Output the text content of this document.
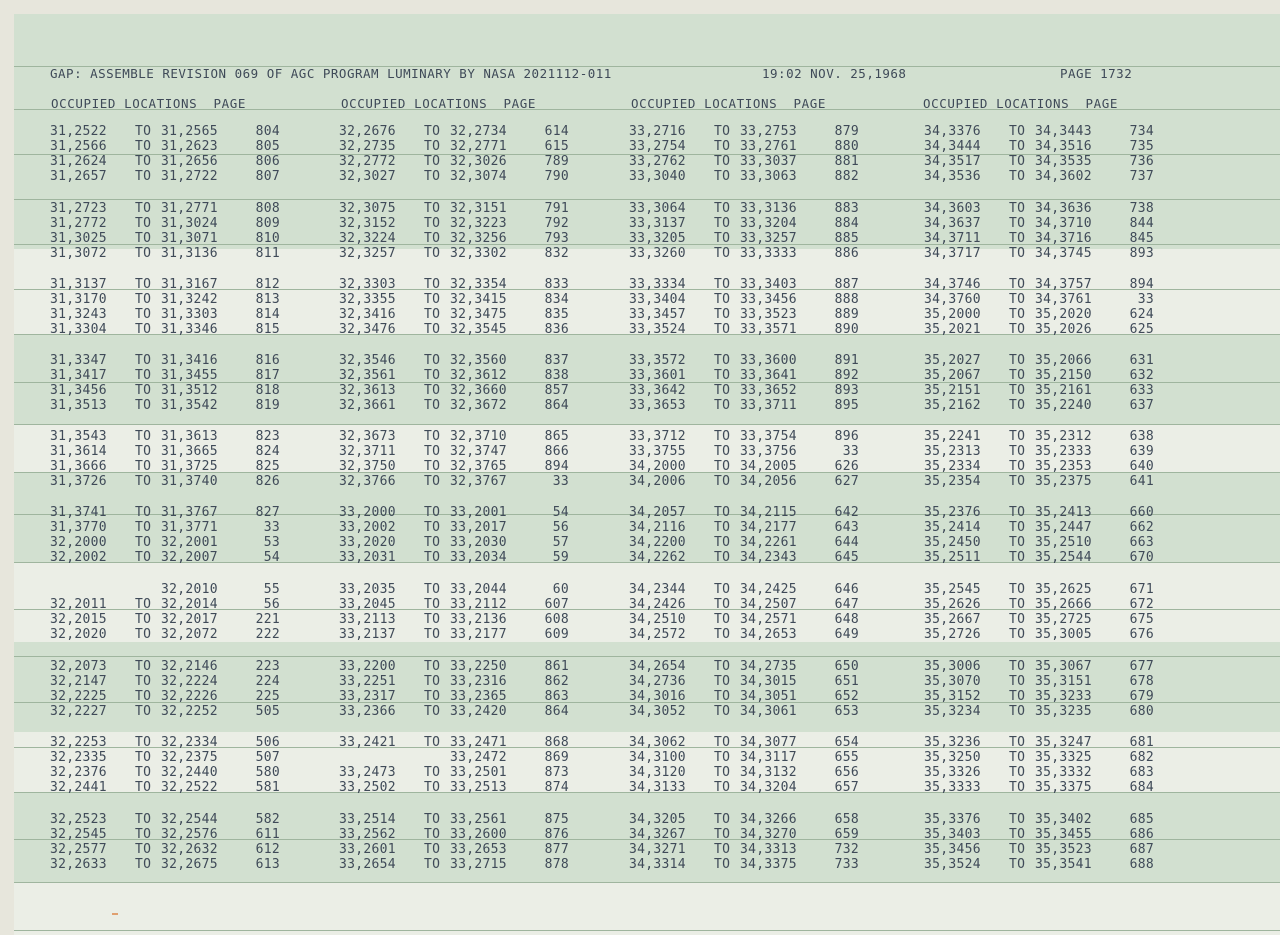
GAP: ASSEMBLE REVISION 069 OF AGC PROGRAM LUMINARY BY NASA 2021112-011

	19:02 NOV. 25,1968

	PAGE 1732

OCCUPIED LOCATIONS  PAGE	OCCUPIED LOCATIONS  PAGE	OCCUPIED LOCATIONS  PAGE	OCCUPIED LOCATIONS  PAGE
31,2522 TO 31,2565	804
31,2566 TO 31,2623	805
31,2624 TO 31,2656	806
31,2657 TO 31,2722	807
31,2723 TO 31,2771	808
31,2772 TO 31,3024	809
31,3025 TO 31,3071	810
31,3072 TO 31,3136	811
31,3137 TO 31,3167	812
31,3170 TO 31,3242	813
31,3243 TO 31,3303	814
31,3304 TO 31,3346	815
31,3347 TO 31,3416	816
31,3417 TO 31,3455	817
31,3456 TO 31,3512	818
31,3513 TO 31,3542	819
31,3543 TO 31,3613	823
31,3614 TO 31,3665	824
31,3666 TO 31,3725	825
31,3726 TO 31,3740	826
31,3741 TO 31,3767	827
31,3770 TO 31,3771	33
32,2000 TO 32,2001	53
32,2002 TO 32,2007	54
32,2010	55
32,2011 TO 32,2014	56
32,2015 TO 32,2017	221
32,2020 TO 32,2072	222
32,2073 TO 32,2146	223
32,2147 TO 32,2224	224
32,2225 TO 32,2226	225
32,2227 TO 32,2252	505
32,2253 TO 32,2334	506
32,2335 TO 32,2375	507
32,2376 TO 32,2440	580
32,2441 TO 32,2522	581
32,2523 TO 32,2544	582
32,2545 TO 32,2576	611
32,2577 TO 32,2632	612
32,2633 TO 32,2675	613
32,2676 TO 32,2734	614
32,2735 TO 32,2771	615
32,2772 TO 32,3026	789
32,3027 TO 32,3074	790
32,3075 TO 32,3151	791
32,3152 TO 32,3223	792
32,3224 TO 32,3256	793
32,3257 TO 32,3302	832
32,3303 TO 32,3354	833
32,3355 TO 32,3415	834
32,3416 TO 32,3475	835
32,3476 TO 32,3545	836
32,3546 TO 32,3560	837
32,3561 TO 32,3612	838
32,3613 TO 32,3660	857
32,3661 TO 32,3672	864
32,3673 TO 32,3710	865
32,3711 TO 32,3747	866
32,3750 TO 32,3765	894
32,3766 TO 32,3767	33
33,2000 TO 33,2001	54
33,2002 TO 33,2017	56
33,2020 TO 33,2030	57
33,2031 TO 33,2034	59
33,2035 TO 33,2044	60
33,2045 TO 33,2112	607
33,2113 TO 33,2136	608
33,2137 TO 33,2177	609
33,2200 TO 33,2250	861
33,2251 TO 33,2316	862
33,2317 TO 33,2365	863
33,2366 TO 33,2420	864
33,2421 TO 33,2471	868
33,2472	869
33,2473 TO 33,2501	873
33,2502 TO 33,2513	874
33,2514 TO 33,2561	875
33,2562 TO 33,2600	876
33,2601 TO 33,2653	877
33,2654 TO 33,2715	878
33,2716 TO 33,2753	879
33,2754 TO 33,2761	880
33,2762 TO 33,3037	881
33,3040 TO 33,3063	882
33,3064 TO 33,3136	883
33,3137 TO 33,3204	884
33,3205 TO 33,3257	885
33,3260 TO 33,3333	886
33,3334 TO 33,3403	887
33,3404 TO 33,3456	888
33,3457 TO 33,3523	889
33,3524 TO 33,3571	890
33,3572 TO 33,3600	891
33,3601 TO 33,3641	892
33,3642 TO 33,3652	893
33,3653 TO 33,3711	895
33,3712 TO 33,3754	896
33,3755 TO 33,3756	33
34,2000 TO 34,2005	626
34,2006 TO 34,2056	627
34,2057 TO 34,2115	642
34,2116 TO 34,2177	643
34,2200 TO 34,2261	644
34,2262 TO 34,2343	645
34,2344 TO 34,2425	646
34,2426 TO 34,2507	647
34,2510 TO 34,2571	648
34,2572 TO 34,2653	649
34,2654 TO 34,2735	650
34,2736 TO 34,3015	651
34,3016 TO 34,3051	652
34,3052 TO 34,3061	653
34,3062 TO 34,3077	654
34,3100 TO 34,3117	655
34,3120 TO 34,3132	656
34,3133 TO 34,3204	657
34,3205 TO 34,3266	658
34,3267 TO 34,3270	659
34,3271 TO 34,3313	732
34,3314 TO 34,3375	733
34,3376 TO 34,3443	734
34,3444 TO 34,3516	735
34,3517 TO 34,3535	736
34,3536 TO 34,3602	737
34,3603 TO 34,3636	738
34,3637 TO 34,3710	844
34,3711 TO 34,3716	845
34,3717 TO 34,3745	893
34,3746 TO 34,3757	894
34,3760 TO 34,3761	33
35,2000 TO 35,2020	624
35,2021 TO 35,2026	625
35,2027 TO 35,2066	631
35,2067 TO 35,2150	632
35,2151 TO 35,2161	633
35,2162 TO 35,2240	637
35,2241 TO 35,2312	638
35,2313 TO 35,2333	639
35,2334 TO 35,2353	640
35,2354 TO 35,2375	641
35,2376 TO 35,2413	660
35,2414 TO 35,2447	662
35,2450 TO 35,2510	663
35,2511 TO 35,2544	670
35,2545 TO 35,2625	671
35,2626 TO 35,2666	672
35,2667 TO 35,2725	675
35,2726 TO 35,3005	676
35,3006 TO 35,3067	677
35,3070 TO 35,3151	678
35,3152 TO 35,3233	679
35,3234 TO 35,3235	680
35,3236 TO 35,3247	681
35,3250 TO 35,3325	682
35,3326 TO 35,3332	683
35,3333 TO 35,3375	684
35,3376 TO 35,3402	685
35,3403 TO 35,3455	686
35,3456 TO 35,3523	687
35,3524 TO 35,3541	688
